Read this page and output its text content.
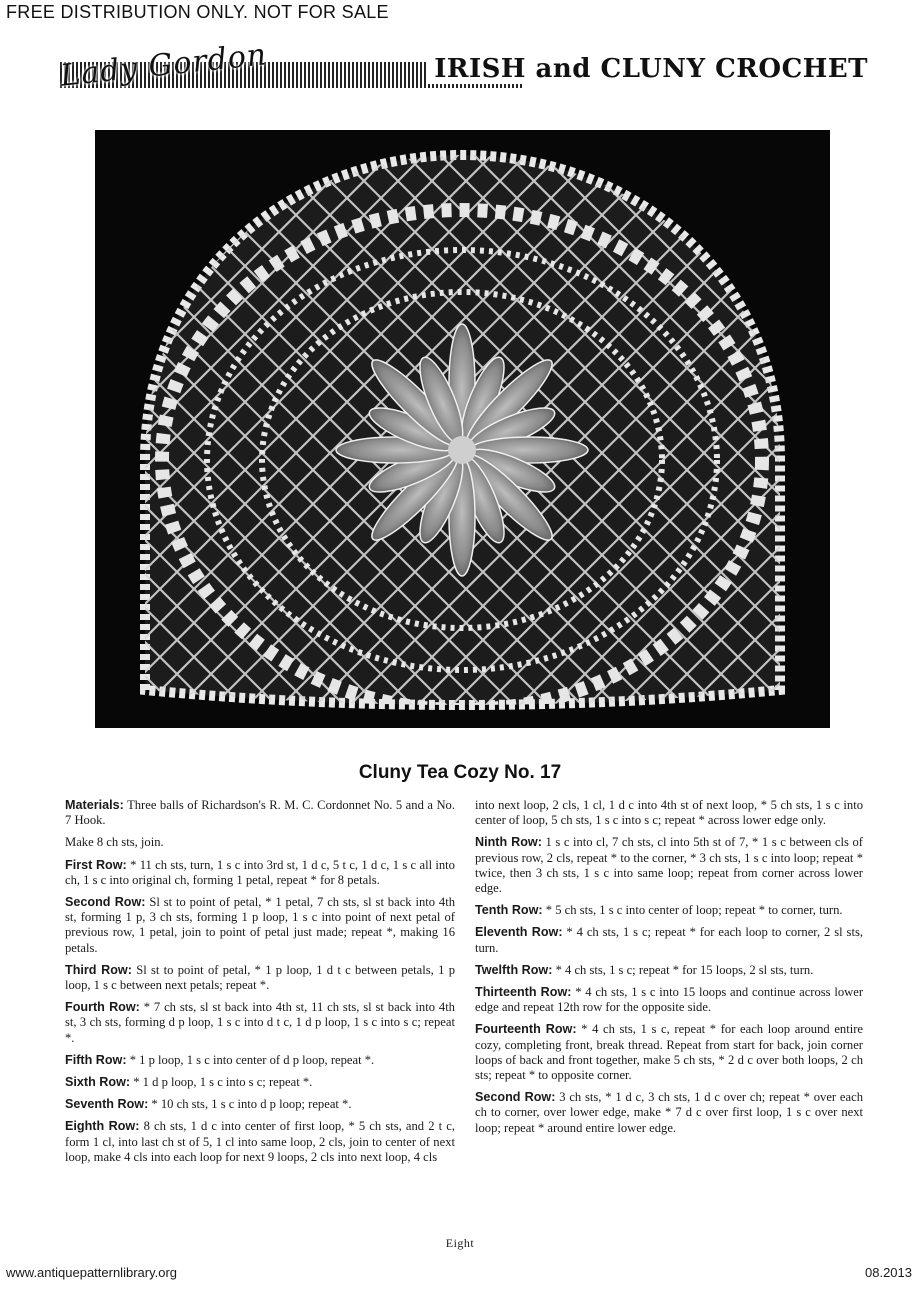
FREE DISTRIBUTION ONLY. NOT FOR SALE
Lady Gordon	IRISH and CLUNY CROCHET
Cluny Tea Cozy No. 17

Materials: Three balls of Richardson's R. M. C. Cordonnet No. 5 and a No. 7 Hook.

Make 8 ch sts, join.

First Row: * 11 ch sts, turn, 1 s c into 3rd st, 1 d c, 5 t c, 1 d c, 1 s c all into ch, 1 s c into original ch, forming 1 petal, repeat * for 8 petals.

Second Row: Sl st to point of petal, * 1 petal, 7 ch sts, sl st back into 4th st, forming 1 p, 3 ch sts, forming 1 p loop, 1 s c into point of next petal of previous row, 1 petal, join to point of petal just made; repeat *, making 16 petals.

Third Row: Sl st to point of petal, * 1 p loop, 1 d t c between petals, 1 p loop, 1 s c between next petals; repeat *.

Fourth Row: * 7 ch sts, sl st back into 4th st, 11 ch sts, sl st back into 4th st, 3 ch sts, forming d p loop, 1 s c into d t c, 1 d p loop, 1 s c into s c; repeat *.

Fifth Row: * 1 p loop, 1 s c into center of d p loop, repeat *.

Sixth Row: * 1 d p loop, 1 s c into s c; repeat *.

Seventh Row: * 10 ch sts, 1 s c into d p loop; repeat *.

Eighth Row: 8 ch sts, 1 d c into center of first loop, * 5 ch sts, and 2 t c, form 1 cl, into last ch st of 5, 1 cl into same loop, 2 cls, join to center of next loop, make 4 cls into each loop for next 9 loops, 2 cls into next loop, 4 cls

into next loop, 2 cls, 1 cl, 1 d c into 4th st of next loop, * 5 ch sts, 1 s c into center of loop, 5 ch sts, 1 s c into s c; repeat * across lower edge only.

Ninth Row: 1 s c into cl, 7 ch sts, cl into 5th st of 7, * 1 s c between cls of previous row, 2 cls, repeat * to the corner, * 3 ch sts, 1 s c into loop; repeat * twice, then 3 ch sts, 1 s c into same loop; repeat from corner across lower edge.

Tenth Row: * 5 ch sts, 1 s c into center of loop; repeat * to corner, turn.

Eleventh Row: * 4 ch sts, 1 s c; repeat * for each loop to corner, 2 sl sts, turn.

Twelfth Row: * 4 ch sts, 1 s c; repeat * for 15 loops, 2 sl sts, turn.

Thirteenth Row: * 4 ch sts, 1 s c into 15 loops and continue across lower edge and repeat 12th row for the opposite side.

Fourteenth Row: * 4 ch sts, 1 s c, repeat * for each loop around entire cozy, completing front, break thread. Repeat from start for back, join corner loops of back and front together, make 5 ch sts, * 2 d c over both loops, 2 ch sts; repeat * to opposite corner.

Second Row: 3 ch sts, * 1 d c, 3 ch sts, 1 d c over ch; repeat * over each ch to corner, over lower edge, make * 7 d c over first loop, 1 s c over next loop; repeat * around entire lower edge.

Eight
www.antiquepatternlibrary.org	08.2013
